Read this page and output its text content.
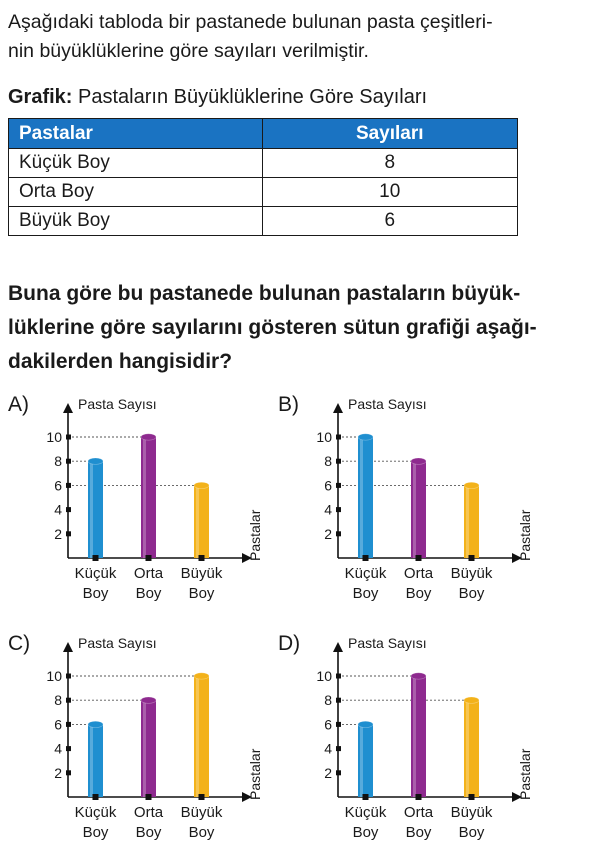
Aşağıdaki tabloda bir pastanede bulunan pasta çeşitleri-
nin büyüklüklerine göre sayıları verilmiştir.

Grafik: Pastaların Büyüklüklerine Göre Sayıları

Pastalar	Sayıları
Küçük Boy	8
Orta Boy	10
Büyük Boy	6

Buna göre bu pastanede bulunan pastaların büyük-
lüklerine göre sayılarını gösteren sütun grafiği aşağı-
dakilerden hangisidir?

A)	Pasta Sayısı
Pastalar
2
4
6
8
10
Küçük
Boy
Orta
Boy
Büyük
Boy
B)	Pasta Sayısı
Pastalar
2
4
6
8
10
Küçük
Boy
Orta
Boy
Büyük
Boy
C)	Pasta Sayısı
Pastalar
2
4
6
8
10
Küçük
Boy
Orta
Boy
Büyük
Boy
D)	Pasta Sayısı
Pastalar
2
4
6
8
10
Küçük
Boy
Orta
Boy
Büyük
Boy
